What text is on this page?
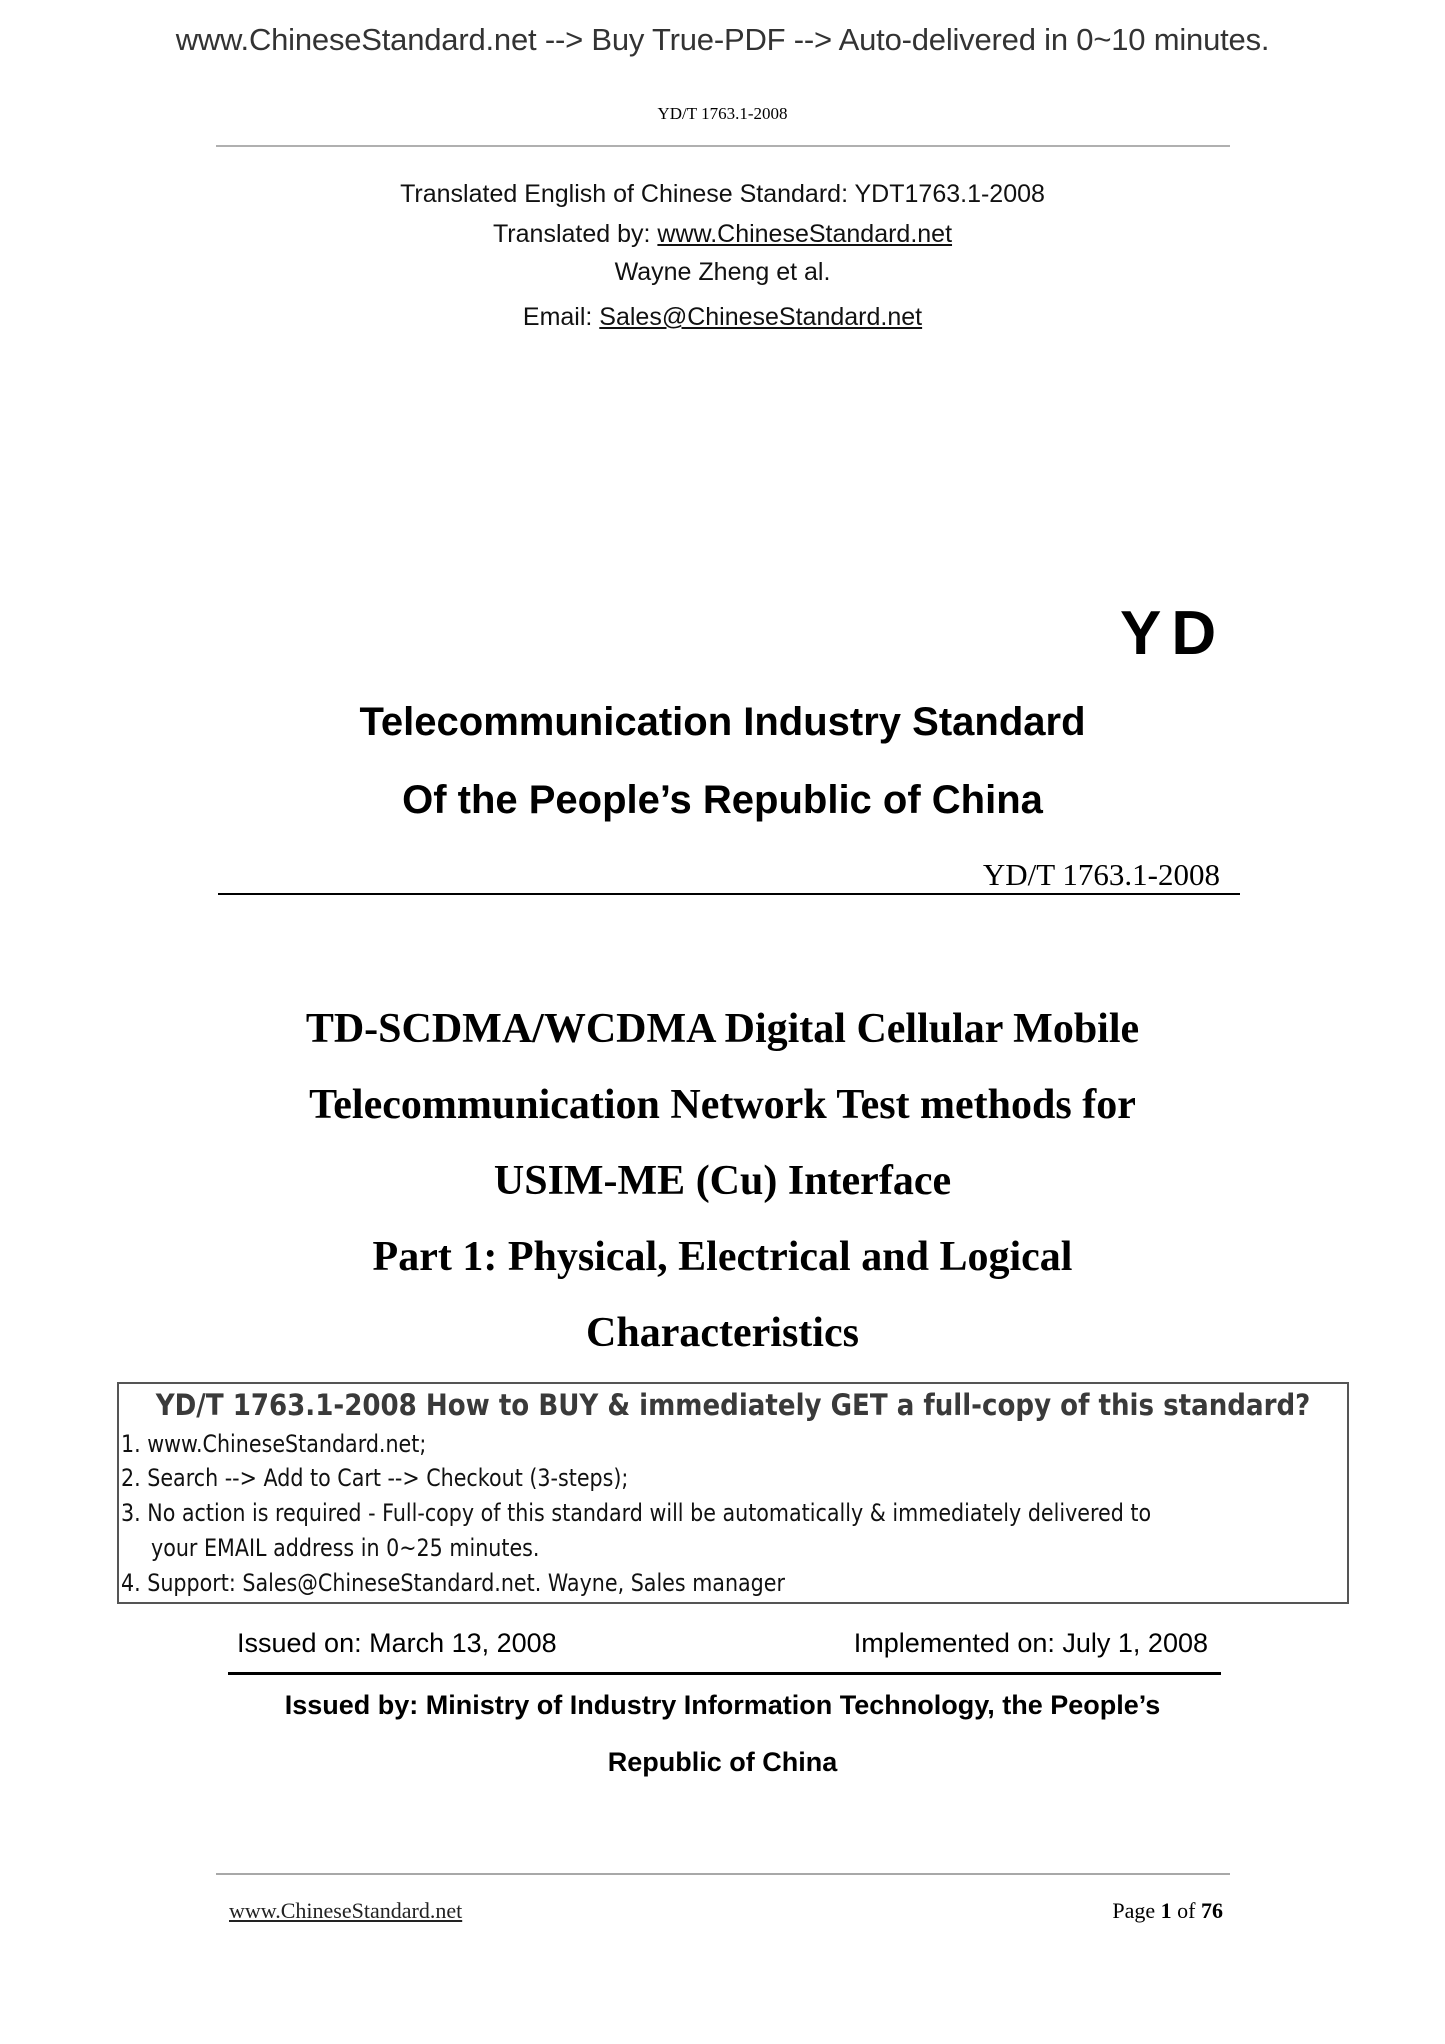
www.ChineseStandard.net --> Buy True-PDF --> Auto-delivered in 0~10 minutes.
YD/T 1763.1-2008
Translated English of Chinese Standard: YDT1763.1-2008
Translated by: www.ChineseStandard.net
Wayne Zheng et al.
Email: Sales@ChineseStandard.net
YD
Telecommunication Industry Standard
Of the People’s Republic of China
YD/T 1763.1-2008
TD-SCDMA/WCDMA Digital Cellular Mobile
Telecommunication Network Test methods for
USIM-ME (Cu) Interface
Part 1: Physical, Electrical and Logical
Characteristics
YD/T 1763.1-2008 How to BUY & immediately GET a full-copy of this standard?
1. www.ChineseStandard.net;
2. Search --> Add to Cart --> Checkout (3-steps);
3. No action is required - Full-copy of this standard will be automatically & immediately delivered to
your EMAIL address in 0~25 minutes.
4. Support: Sales@ChineseStandard.net. Wayne, Sales manager
Issued on: March 13, 2008	Implemented on: July 1, 2008
Issued by: Ministry of Industry Information Technology, the People’s
Republic of China
www.ChineseStandard.net	Page 1 of 76
